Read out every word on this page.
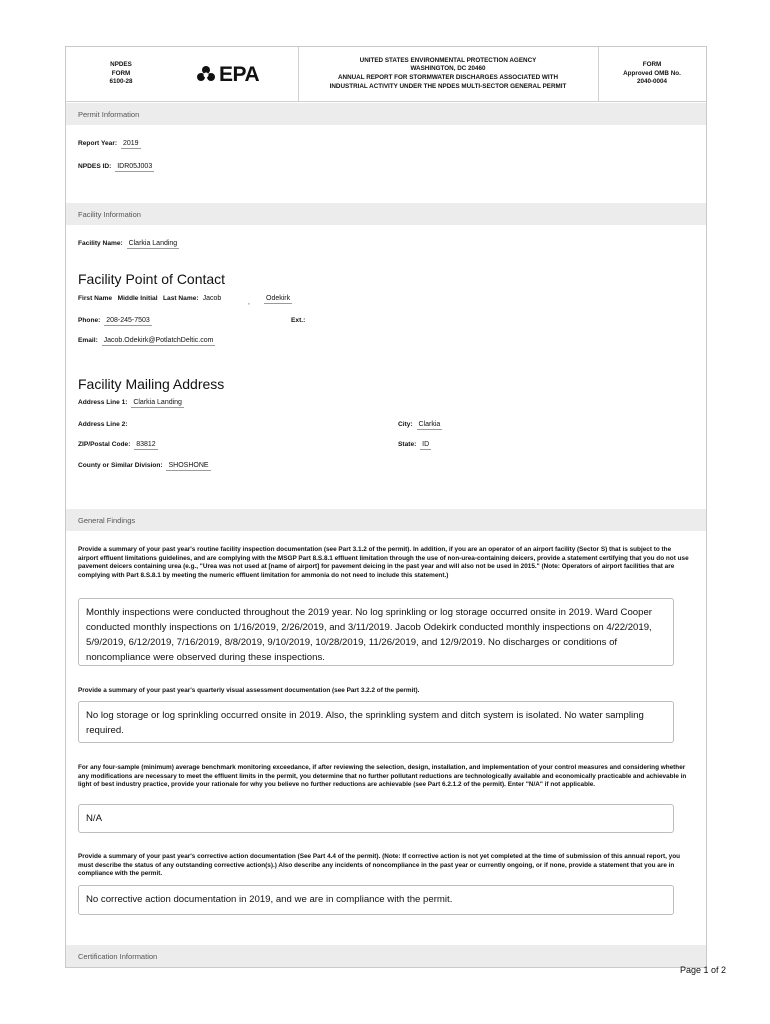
NPDES
FORM
6100-28	EPA
UNITED STATES ENVIRONMENTAL PROTECTION AGENCY
WASHINGTON, DC 20460
ANNUAL REPORT FOR STORMWATER DISCHARGES ASSOCIATED WITH
INDUSTRIAL ACTIVITY UNDER THE NPDES MULTI-SECTOR GENERAL PERMIT
FORM
Approved OMB No.
2040-0004
Permit Information
Report Year: 2019
NPDES ID: IDR05J003
Facility Information
Facility Name: Clarkia Landing
Facility Point of Contact
First Name Middle Initial Last Name: Jacob
,
Odekirk
Phone: 208-245-7503	Ext.:
Email: Jacob.Odekirk@PotlatchDeltic.com
Facility Mailing Address
Address Line 1: Clarkia Landing
Address Line 2:	City: Clarkia
ZIP/Postal Code: 83812	State: ID
County or Similar Division: SHOSHONE
General Findings
Provide a summary of your past year's routine facility inspection documentation (see Part 3.1.2 of the permit). In addition, if you are an operator of an airport facility (Sector S) that is subject to the airport effluent limitations guidelines, and are complying with the MSGP Part 8.S.8.1 effluent limitation through the use of non-urea-containing deicers, provide a statement certifying that you do not use pavement deicers containing urea (e.g., "Urea was not used at [name of airport] for pavement deicing in the past year and will also not be used in 2015." (Note: Operators of airport facilities that are complying with Part 8.S.8.1 by meeting the numeric effluent limitation for ammonia do not need to include this statement.)
Monthly inspections were conducted throughout the 2019 year. No log sprinkling or log storage occurred onsite in 2019. Ward Cooper conducted monthly inspections on 1/16/2019, 2/26/2019, and 3/11/2019. Jacob Odekirk conducted monthly inspections on 4/22/2019, 5/9/2019, 6/12/2019, 7/16/2019, 8/8/2019, 9/10/2019, 10/28/2019, 11/26/2019, and 12/9/2019. No discharges or conditions of noncompliance were observed during these inspections.
Provide a summary of your past year's quarterly visual assessment documentation (see Part 3.2.2 of the permit).
No log storage or log sprinkling occurred onsite in 2019. Also, the sprinkling system and ditch system is isolated. No water sampling required.
For any four-sample (minimum) average benchmark monitoring exceedance, if after reviewing the selection, design, installation, and implementation of your control measures and considering whether any modifications are necessary to meet the effluent limits in the permit, you determine that no further pollutant reductions are technologically available and economically practicable and achievable in light of best industry practice, provide your rationale for why you believe no further reductions are achievable (see Part 6.2.1.2 of the permit). Enter "N/A" if not applicable.
N/A
Provide a summary of your past year's corrective action documentation (See Part 4.4 of the permit). (Note: If corrective action is not yet completed at the time of submission of this annual report, you must describe the status of any outstanding corrective action(s).) Also describe any incidents of noncompliance in the past year or currently ongoing, or if none, provide a statement that you are in compliance with the permit.
No corrective action documentation in 2019, and we are in compliance with the permit.
Certification Information
Page 1 of 2
